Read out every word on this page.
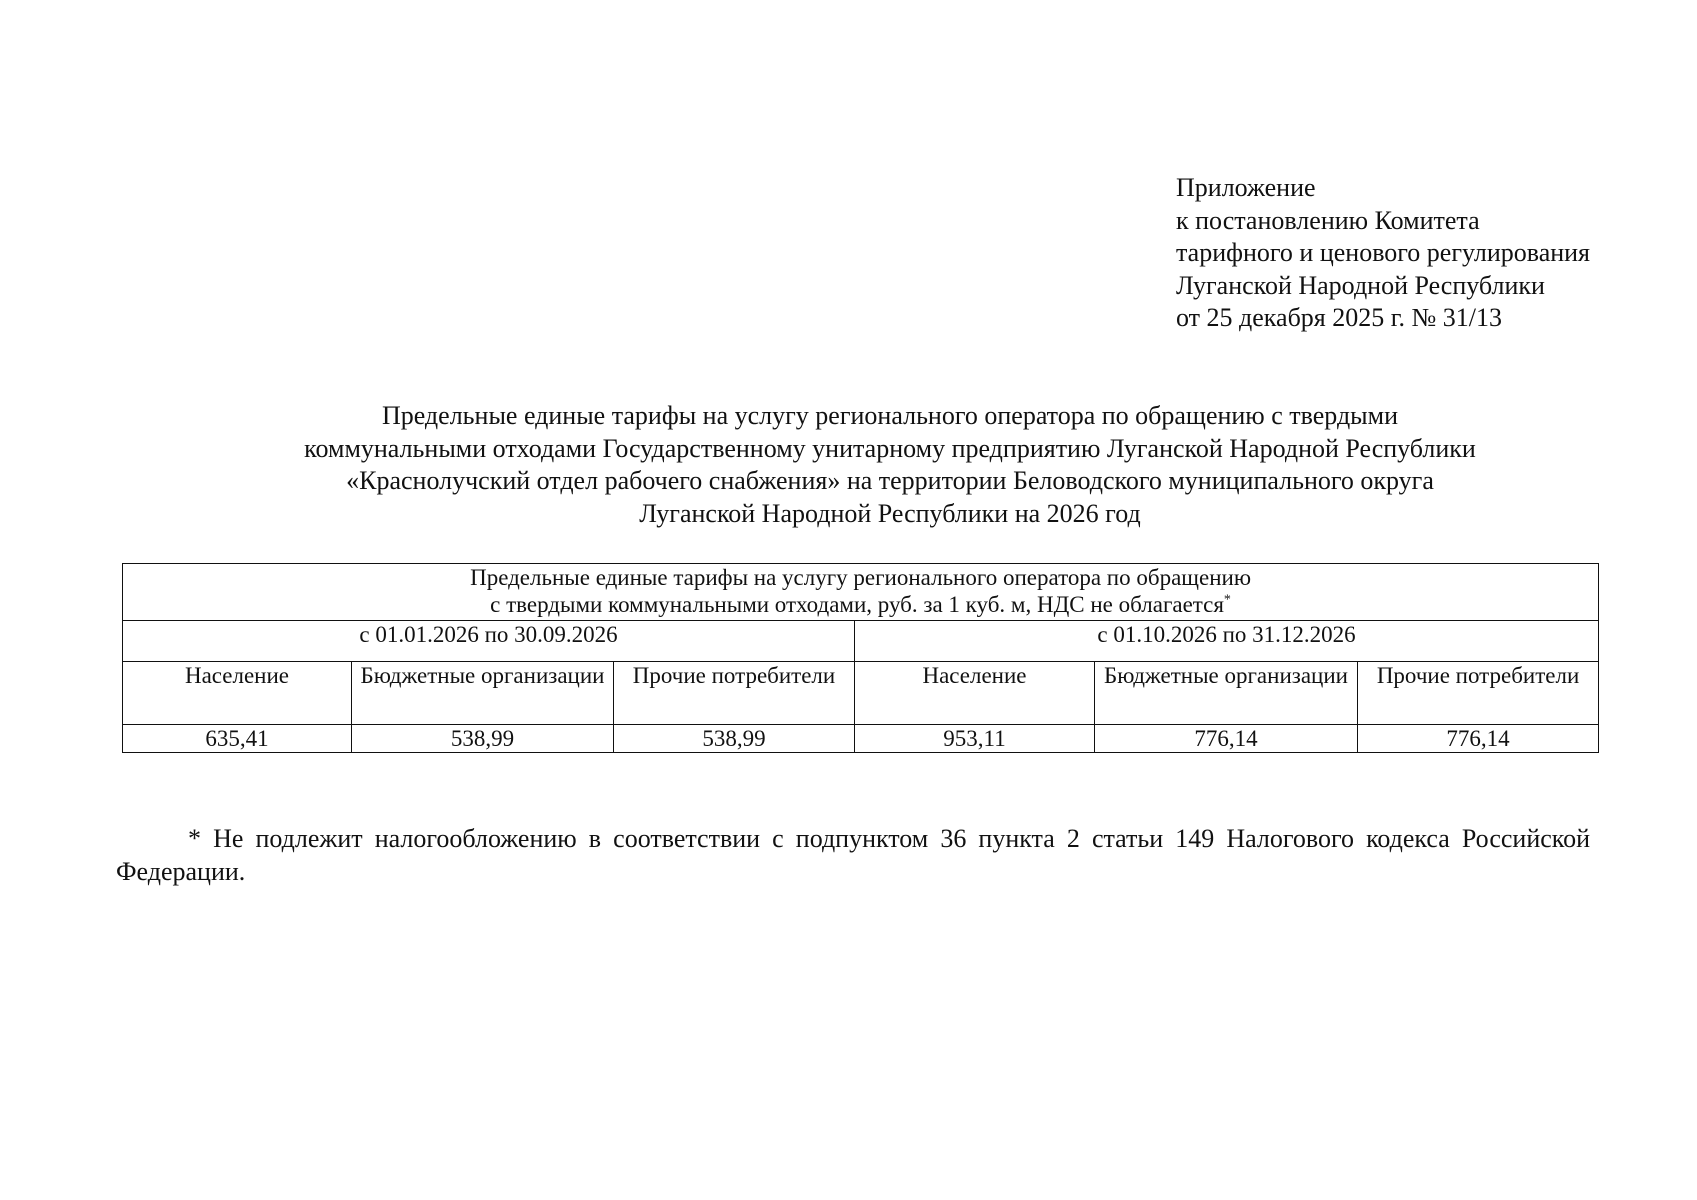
Приложение
к постановлению Комитета
тарифного и ценового регулирования
Луганской Народной Республики
от 25 декабря 2025 г. № 31/13
Предельные единые тарифы на услугу регионального оператора по обращению с твердыми
коммунальными отходами Государственному унитарному предприятию Луганской Народной Республики
«Краснолучский отдел рабочего снабжения» на территории Беловодского муниципального округа
Луганской Народной Республики на 2026 год
Предельные единые тарифы на услугу регионального оператора по обращению
с твердыми коммунальными отходами, руб. за 1 куб. м, НДС не облагается*
с 01.01.2026 по 30.09.2026			с 01.10.2026 по 31.12.2026		
Население	Бюджетные организации	Прочие потребители	Население	Бюджетные организации	Прочие потребители
635,41	538,99	538,99	953,11	776,14	776,14

* Не подлежит налогообложению в соответствии с подпунктом 36 пункта 2 статьи 149 Налогового кодекса Российской Федерации.
